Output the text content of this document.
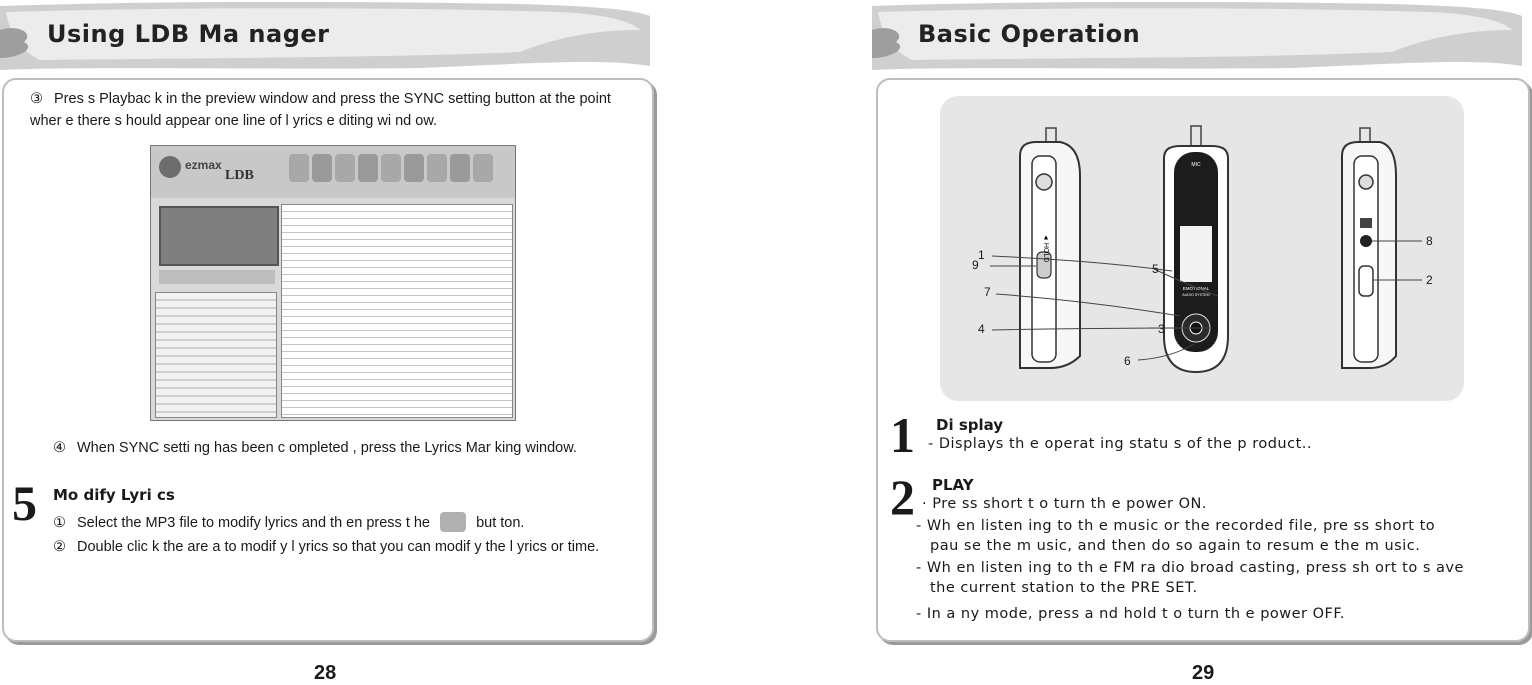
Using LDB Ma nager
③ Pres s Playbac k in the preview window and press the SYNC setting button at the point wher e there s hould appear one line of l yrics e diting wi nd ow.
ezmax
LDB
④ When SYNC setti ng has been c ompleted , press the Lyrics Mar king window.
5 Mo dify Lyri cs
① Select the MP3 file to modify lyrics and th en press t he	but ton.
② Double clic k the are a to modif y l yrics so that you can modif y the l yrics or time.
28
Basic Operation
◄ HOLD
MIC
EMOTIONAL
AUDIO SYSTEM
9
1
7
4
5
3
6
8
2
1 Di splay
- Displays th e operat ing statu s of the p roduct..
2 PLAY
· Pre ss short t o turn th e power ON.
- Wh en listen ing to th e music or the recorded file, pre ss short to
pau se the m usic, and then do so again to resum e the m usic.
- Wh en listen ing to th e FM ra dio broad casting, press sh ort to s ave
the current station to the PRE SET.
- In a ny mode, press a nd hold t o turn th e power OFF.
29
